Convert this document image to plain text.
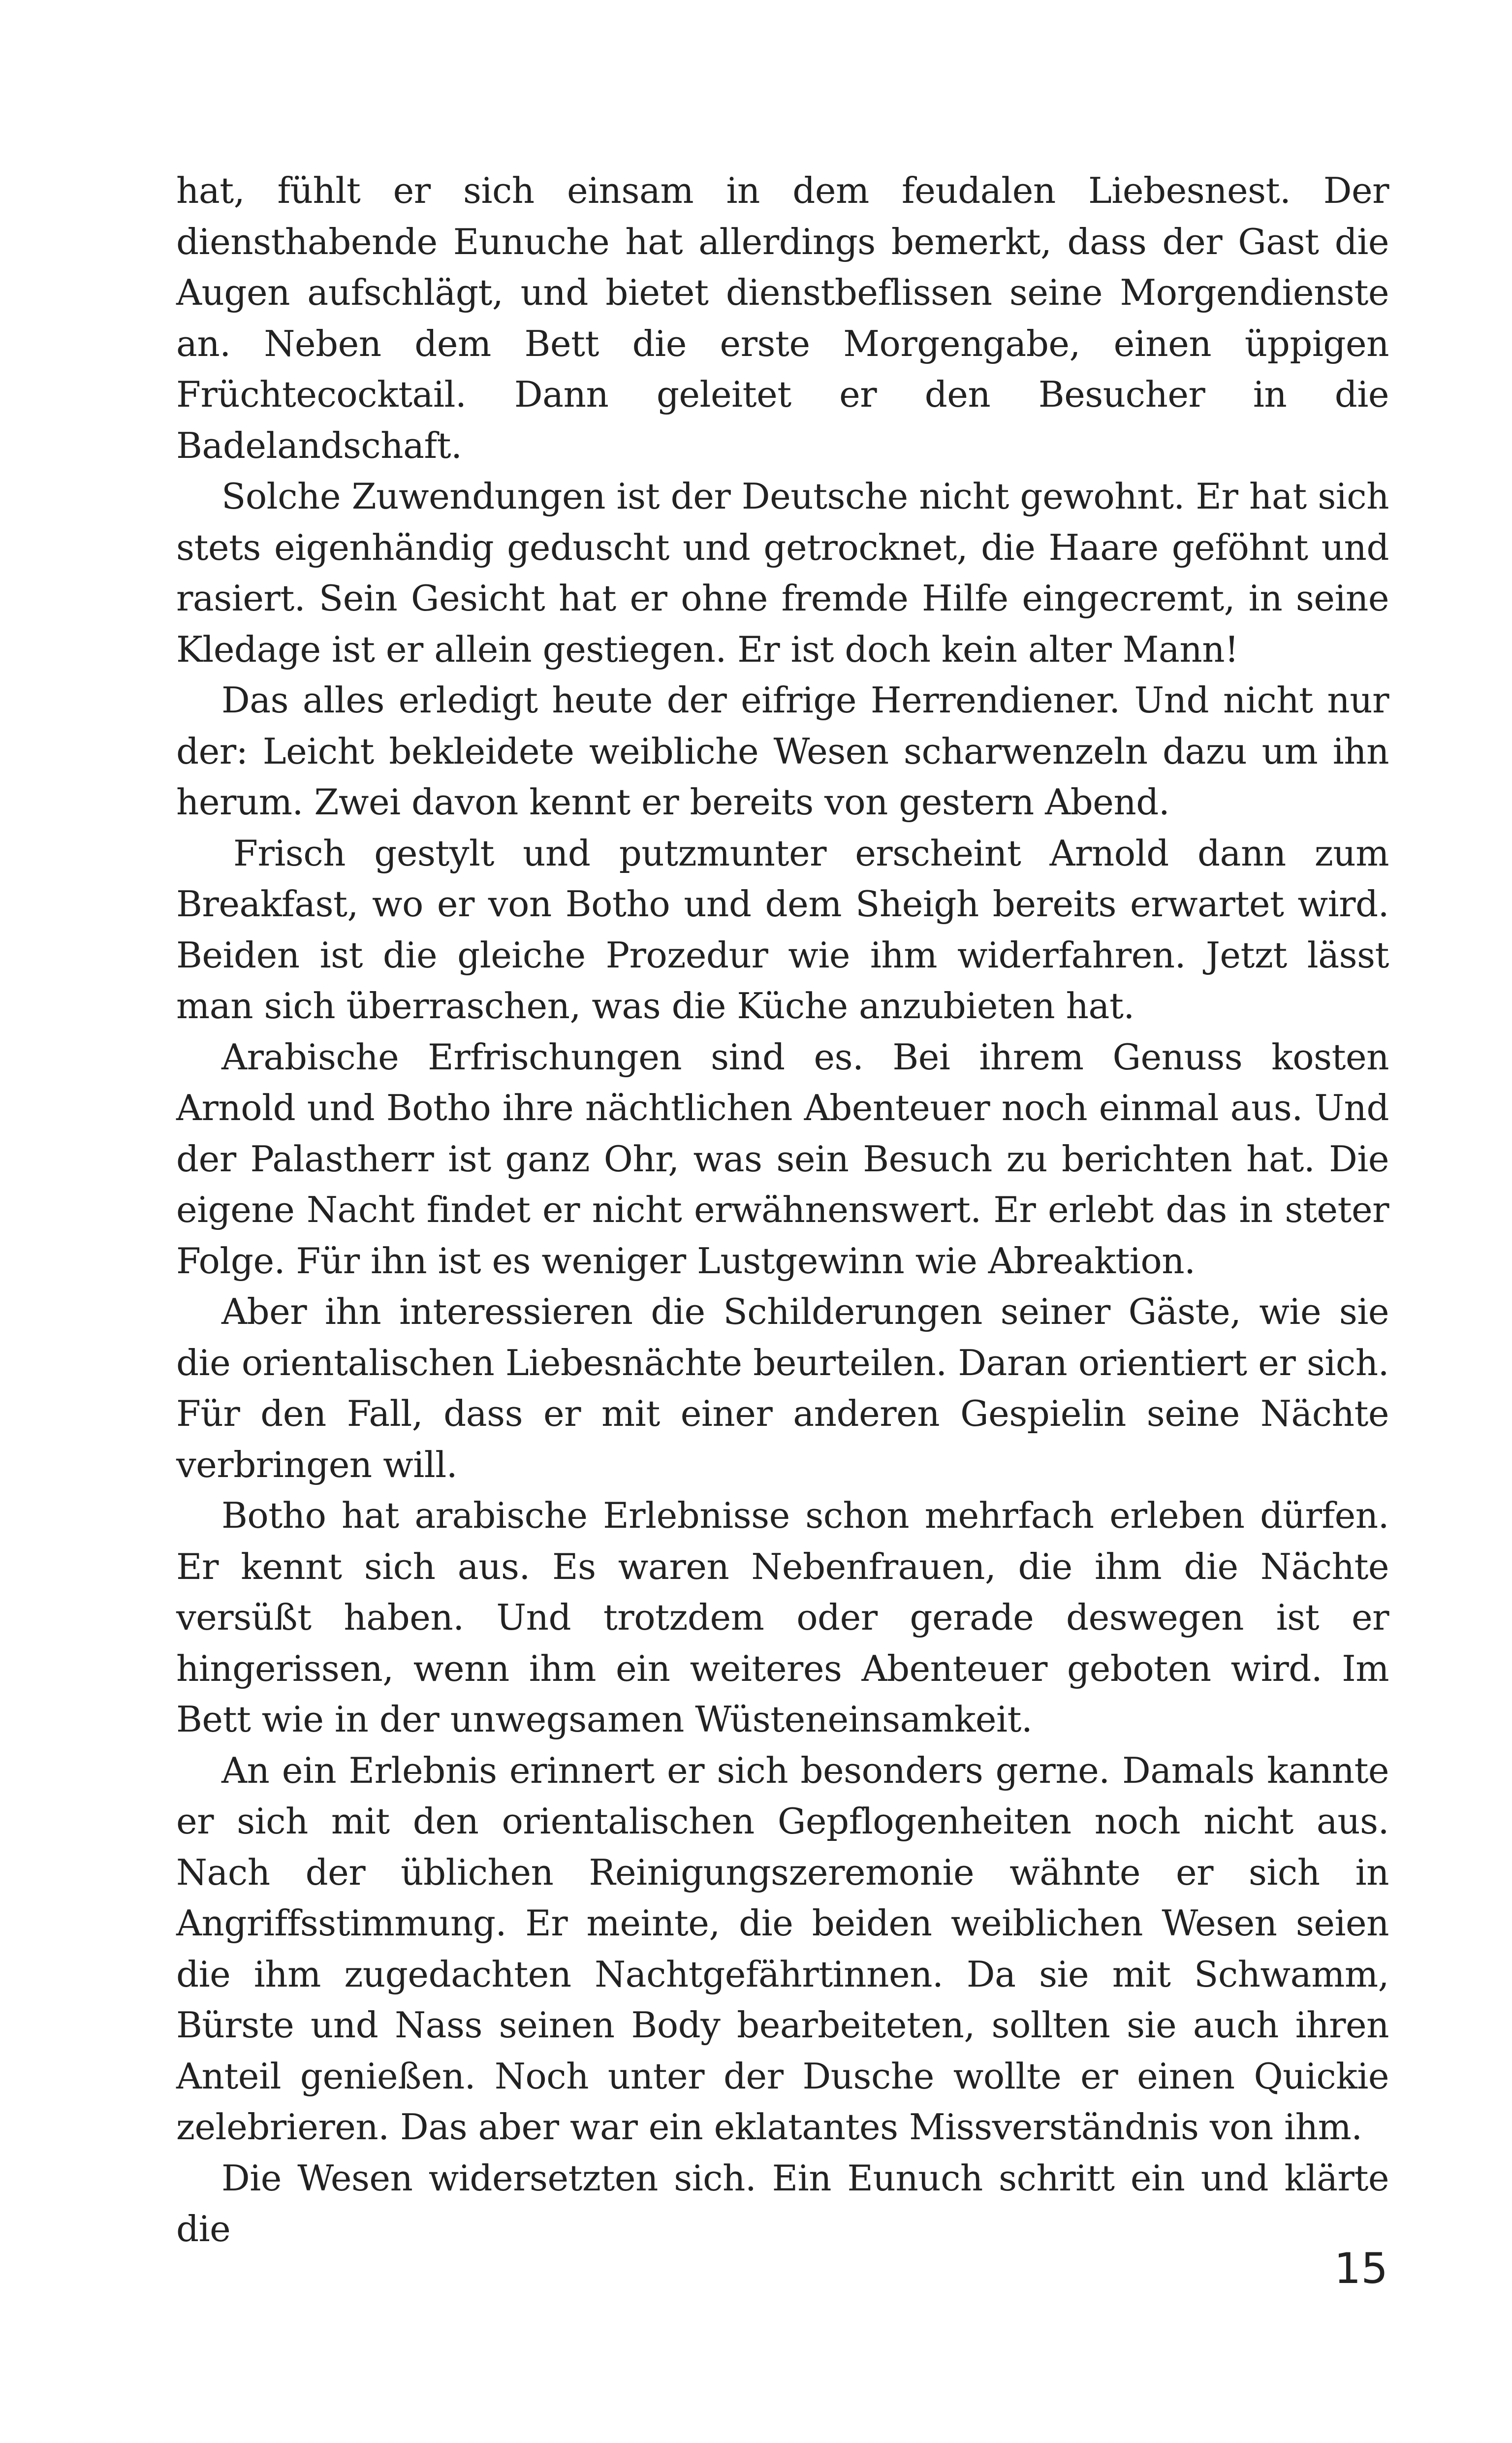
hat, fühlt er sich einsam in dem feudalen Liebesnest. Der diensthabende Eunuche hat allerdings bemerkt, dass der Gast die Augen aufschlägt, und bietet dienstbeflissen seine Morgendienste an. Neben dem Bett die erste Morgengabe, einen üppigen Früchtecocktail. Dann geleitet er den Besucher in die Badelandschaft.

Solche Zuwendungen ist der Deutsche nicht gewohnt. Er hat sich stets eigenhändig geduscht und getrocknet, die Haare geföhnt und rasiert. Sein Gesicht hat er ohne fremde Hilfe eingecremt, in seine Kledage ist er allein gestiegen. Er ist doch kein alter Mann!

Das alles erledigt heute der eifrige Herrendiener. Und nicht nur der: Leicht bekleidete weibliche Wesen scharwenzeln dazu um ihn herum. Zwei davon kennt er bereits von gestern Abend.

Frisch gestylt und putzmunter erscheint Arnold dann zum Breakfast, wo er von Botho und dem Sheigh bereits erwartet wird. Beiden ist die gleiche Prozedur wie ihm widerfahren. Jetzt lässt man sich überraschen, was die Küche anzubieten hat.

Arabische Erfrischungen sind es. Bei ihrem Genuss kosten Arnold und Botho ihre nächtlichen Abenteuer noch einmal aus. Und der Palastherr ist ganz Ohr, was sein Besuch zu berichten hat. Die eigene Nacht findet er nicht erwähnenswert. Er erlebt das in steter Folge. Für ihn ist es weniger Lustgewinn wie Abreaktion.

Aber ihn interessieren die Schilderungen seiner Gäste, wie sie die orientalischen Liebesnächte beurteilen. Daran orientiert er sich. Für den Fall, dass er mit einer anderen Gespielin seine Nächte verbringen will.

Botho hat arabische Erlebnisse schon mehrfach erleben dürfen. Er kennt sich aus. Es waren Nebenfrauen, die ihm die Nächte versüßt haben. Und trotzdem oder gerade deswegen ist er hingerissen, wenn ihm ein weiteres Abenteuer geboten wird. Im Bett wie in der unwegsamen Wüsteneinsamkeit.

An ein Erlebnis erinnert er sich besonders gerne. Damals kannte er sich mit den orientalischen Gepflogenheiten noch nicht aus. Nach der üblichen Reinigungszeremonie wähnte er sich in Angriffsstimmung. Er meinte, die beiden weiblichen Wesen seien die ihm zugedachten Nachtgefährtinnen. Da sie mit Schwamm, Bürste und Nass seinen Body bearbeiteten, sollten sie auch ihren Anteil genießen. Noch unter der Dusche wollte er einen Quickie zelebrieren. Das aber war ein eklatantes Missverständnis von ihm.

Die Wesen widersetzten sich. Ein Eunuch schritt ein und klärte die

15
